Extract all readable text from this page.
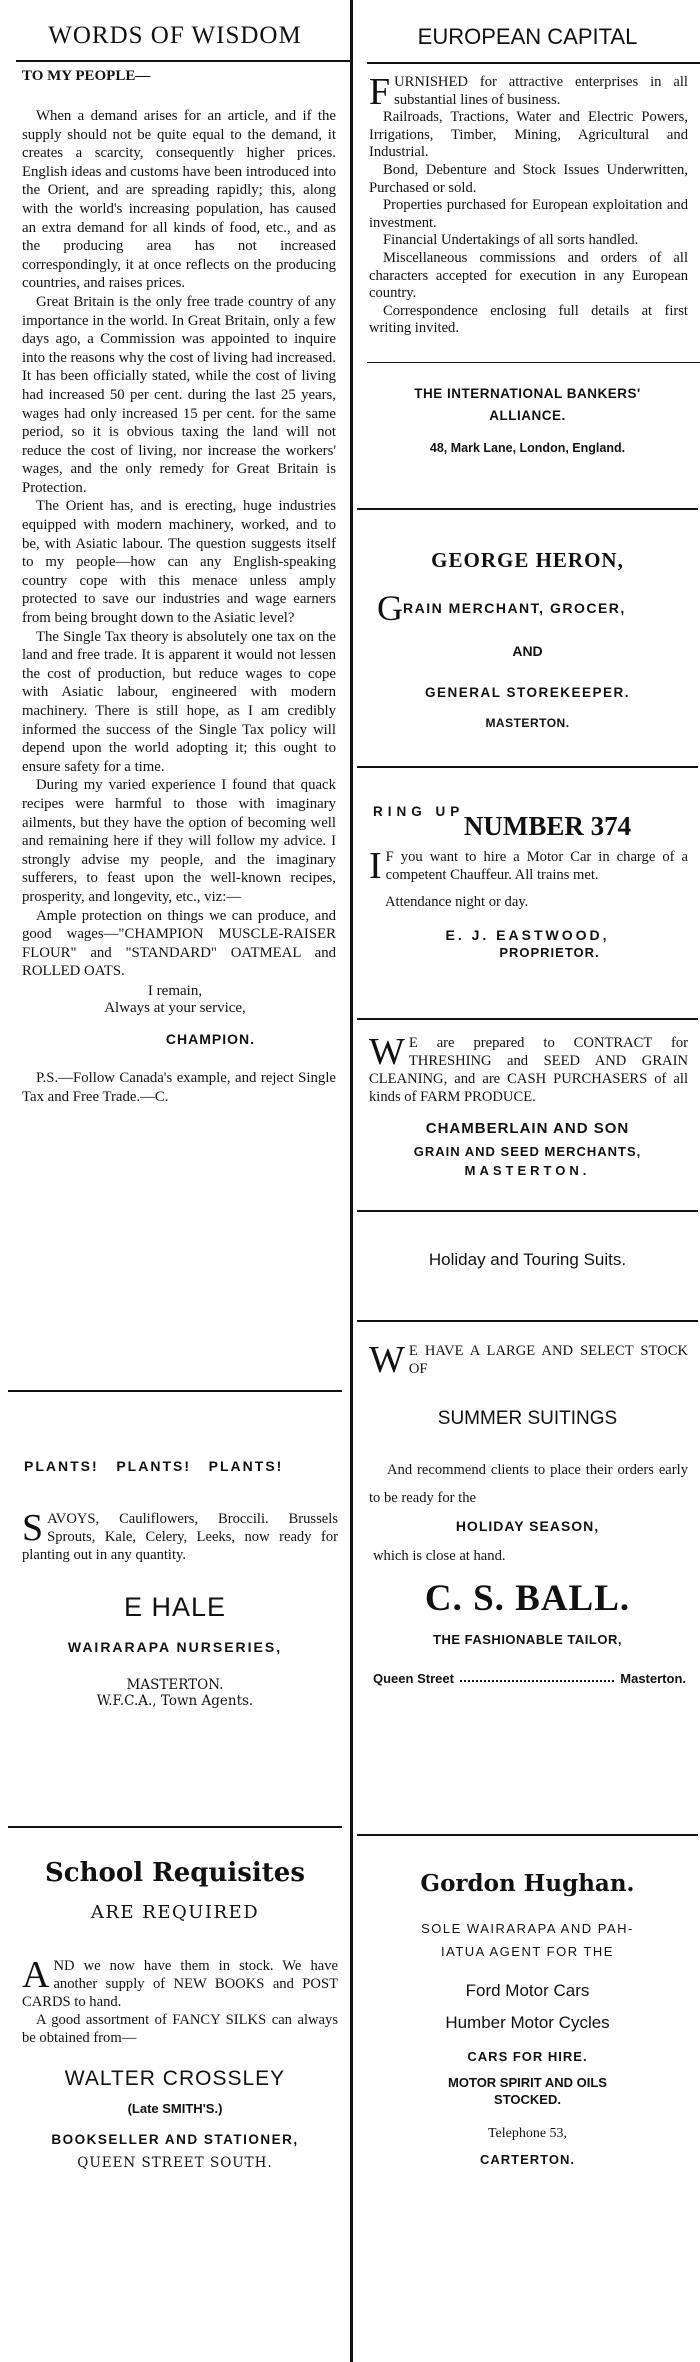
WORDS OF WISDOM
TO MY PEOPLE—

When a demand arises for an article, and if the supply should not be quite equal to the demand, it creates a scarcity, consequently higher prices. English ideas and customs have been introduced into the Orient, and are spreading rapidly; this, along with the world's increasing population, has caused an extra demand for all kinds of food, etc., and as the producing area has not increased correspondingly, it at once reflects on the producing countries, and raises prices.

Great Britain is the only free trade country of any importance in the world. In Great Britain, only a few days ago, a Commission was appointed to inquire into the reasons why the cost of living had increased. It has been officially stated, while the cost of living had increased 50 per cent. during the last 25 years, wages had only increased 15 per cent. for the same period, so it is obvious taxing the land will not reduce the cost of living, nor increase the workers' wages, and the only remedy for Great Britain is Protection.

The Orient has, and is erecting, huge industries equipped with modern machinery, worked, and to be, with Asiatic labour. The question suggests itself to my people—how can any English-speaking country cope with this menace unless amply protected to save our industries and wage earners from being brought down to the Asiatic level?

The Single Tax theory is absolutely one tax on the land and free trade. It is apparent it would not lessen the cost of production, but reduce wages to cope with Asiatic labour, engineered with modern machinery. There is still hope, as I am credibly informed the success of the Single Tax policy will depend upon the world adopting it; this ought to ensure safety for a time.

During my varied experience I found that quack recipes were harmful to those with imaginary ailments, but they have the option of becoming well and remaining here if they will follow my advice. I strongly advise my people, and the imaginary sufferers, to feast upon the well-known recipes, prosperity, and longevity, etc., viz:—

Ample protection on things we can produce, and good wages—"CHAMPION MUSCLE-RAISER FLOUR" and "STANDARD" OATMEAL and ROLLED OATS.

I remain,
Always at your service,
CHAMPION.

P.S.—Follow Canada's example, and reject Single Tax and Free Trade.—C.

PLANTS!   PLANTS!   PLANTS!
SAVOYS, Cauliflowers, Broccili. Brussels Sprouts, Kale, Celery, Leeks, now ready for planting out in any quantity.
E HALE
WAIRARAPA NURSERIES,
MASTERTON.
W.F.C.A., Town Agents.
School Requisites
ARE REQUIRED
AND we now have them in stock. We have another supply of NEW BOOKS and POST CARDS to hand.

A good assortment of FANCY SILKS can always be obtained from—

WALTER CROSSLEY
(Late SMITH'S.)
BOOKSELLER AND STATIONER,
QUEEN STREET SOUTH.
EUROPEAN CAPITAL
FURNISHED for attractive enterprises in all substantial lines of business.

Railroads, Tractions, Water and Electric Powers, Irrigations, Timber, Mining, Agricultural and Industrial.

Bond, Debenture and Stock Issues Underwritten, Purchased or sold.

Properties purchased for European exploitation and investment.

Financial Undertakings of all sorts handled.

Miscellaneous commissions and orders of all characters accepted for execution in any European country.

Correspondence enclosing full details at first writing invited.

THE INTERNATIONAL BANKERS' ALLIANCE.
48, Mark Lane, London, England.
GEORGE HERON,
GRAIN MERCHANT, GROCER,
AND
GENERAL STOREKEEPER.
MASTERTON.
RING UP NUMBER 374
I F you want to hire a Motor Car in charge of a competent Chauffeur. All trains met.
Attendance night or day.
E. J. EASTWOOD,
PROPRIETOR.
W E are prepared to CONTRACT for THRESHING and SEED AND GRAIN CLEANING, and are CASH PURCHASERS of all kinds of FARM PRODUCE.
CHAMBERLAIN AND SON
GRAIN AND SEED MERCHANTS,
MASTERTON.
Holiday and Touring Suits.
W E HAVE A LARGE AND SELECT STOCK OF
SUMMER SUITINGS
And recommend clients to place their orders early to be ready for the
HOLIDAY SEASON,
which is close at hand.
C. S. BALL.
THE FASHIONABLE TAILOR,
Queen Street	Masterton.
Gordon Hughan.
SOLE WAIRARAPA AND PAH-
IATUA AGENT FOR THE
Ford Motor Cars
Humber Motor Cycles
CARS FOR HIRE.
MOTOR SPIRIT AND OILS STOCKED.
Telephone 53,
CARTERTON.
